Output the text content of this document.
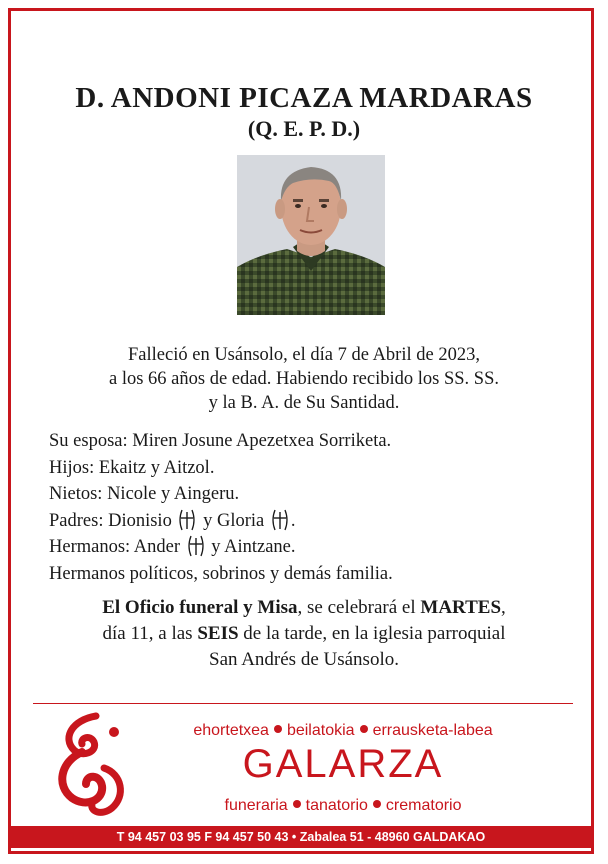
D. ANDONI PICAZA MARDARAS
(Q. E. P. D.)
Falleció en Usánsolo, el día 7 de Abril de 2023,
a los 66 años de edad. Habiendo recibido los SS. SS.
y la B. A. de Su Santidad.
Su esposa: Miren Josune Apezetxea Sorriketa.
Hijos: Ekaitz y Aitzol.
Nietos: Nicole y Aingeru.
Padres: Dionisio
y Gloria
.
Hermanos: Ander
y Aintzane.
Hermanos políticos, sobrinos y demás familia.
El Oficio funeral y Misa, se celebrará el MARTES,
día 11, a las SEIS de la tarde, en la iglesia parroquial
San Andrés de Usánsolo.
ehortetxea beilatokia errausketa-labea
GALARZA
funeraria tanatorio crematorio
T 94 457 03 95 F 94 457 50 43 • Zabalea 51 - 48960 GALDAKAO
